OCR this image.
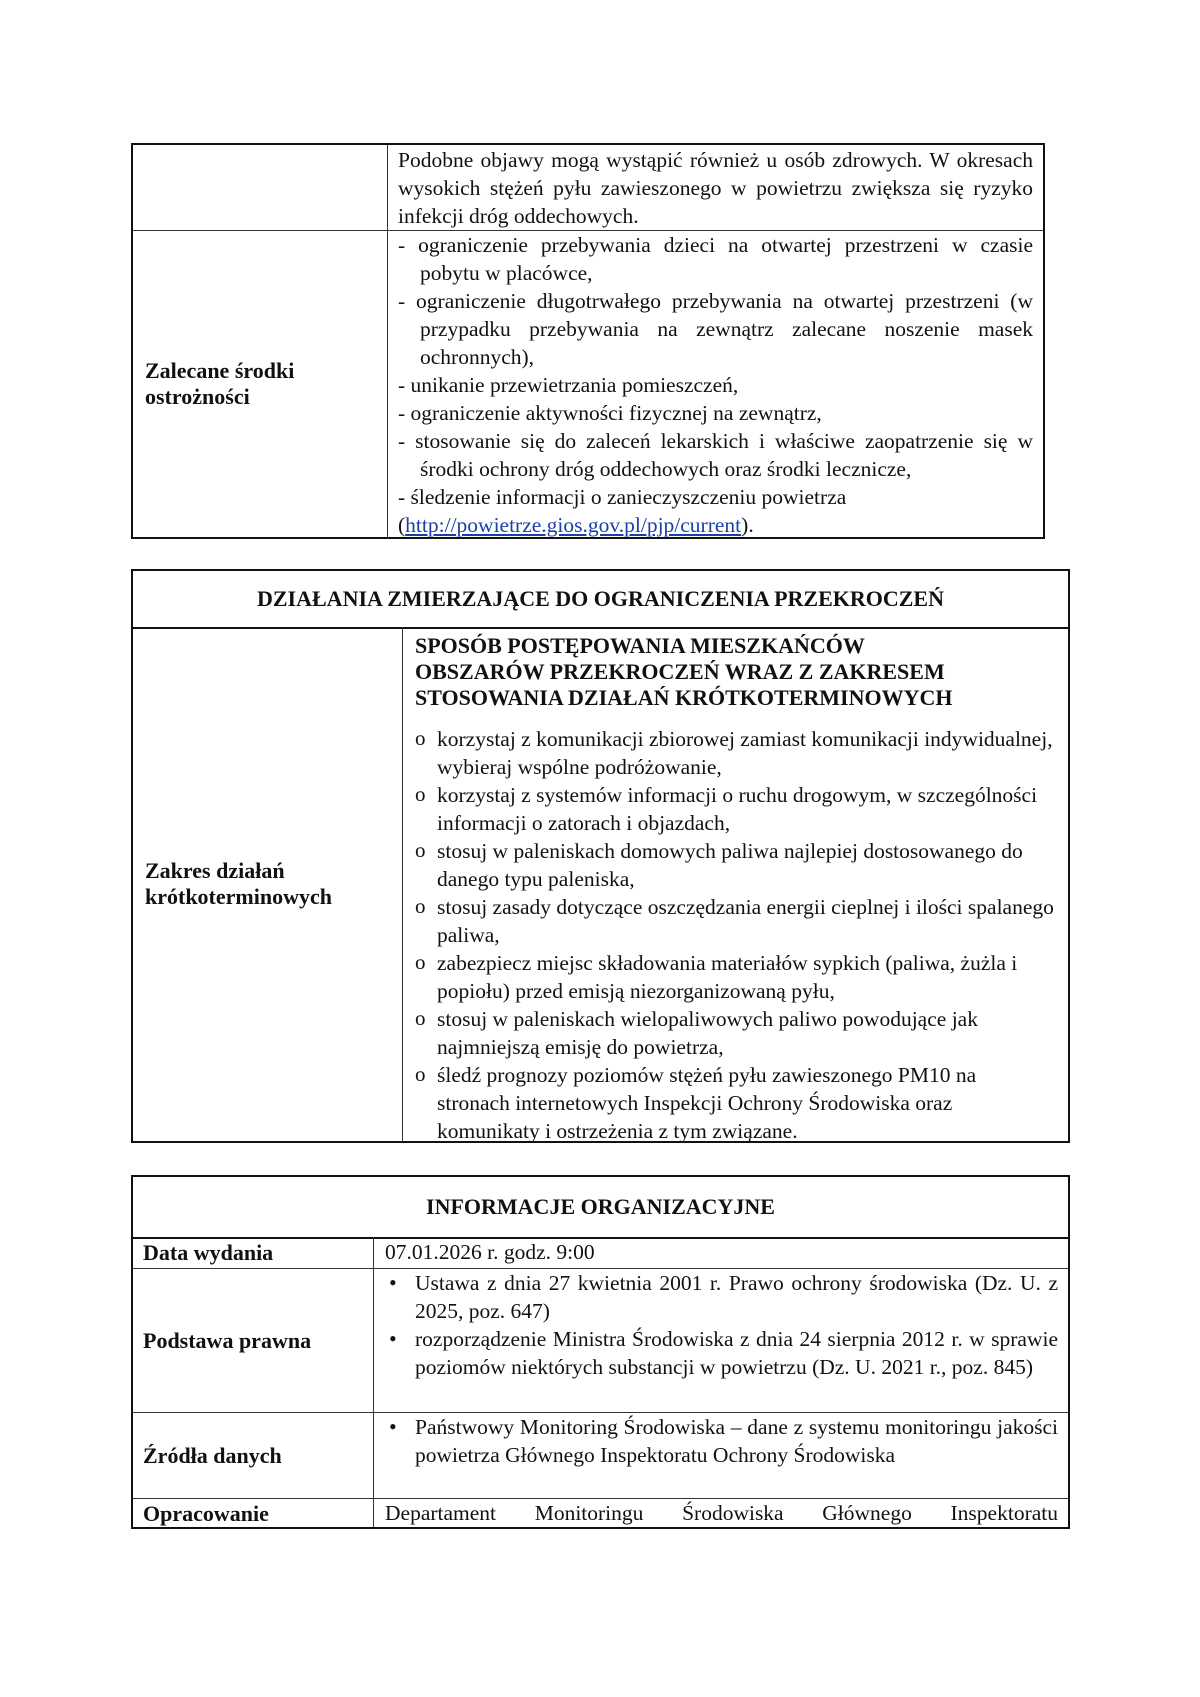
Podobne objawy mogą wystąpić również u osób zdrowych. W okresach wysokich stężeń pyłu zawieszonego w powietrzu zwiększa się ryzyko infekcji dróg oddechowych.
Zalecane środki
ostrożności
- ograniczenie przebywania dzieci na otwartej przestrzeni w czasie pobytu w placówce,
- ograniczenie długotrwałego przebywania na otwartej przestrzeni (w przypadku przebywania na zewnątrz zalecane noszenie masek ochronnych),
- unikanie przewietrzania pomieszczeń,
- ograniczenie aktywności fizycznej na zewnątrz,
- stosowanie się do zaleceń lekarskich i właściwe zaopatrzenie się w środki ochrony dróg oddechowych oraz środki lecznicze,
- śledzenie informacji o zanieczyszczeniu powietrza
(http://powietrze.gios.gov.pl/pjp/current).
DZIAŁANIA ZMIERZAJĄCE DO OGRANICZENIA PRZEKROCZEŃ
Zakres działań
krótkoterminowych
SPOSÓB POSTĘPOWANIA MIESZKAŃCÓW
OBSZARÓW PRZEKROCZEŃ WRAZ Z ZAKRESEM
STOSOWANIA DZIAŁAŃ KRÓTKOTERMINOWYCH
o korzystaj z komunikacji zbiorowej zamiast komunikacji indywidualnej, wybieraj wspólne podróżowanie,
o korzystaj z systemów informacji o ruchu drogowym, w szczególności informacji o zatorach i objazdach,
o stosuj w paleniskach domowych paliwa najlepiej dostosowanego do danego typu paleniska,
o stosuj zasady dotyczące oszczędzania energii cieplnej i ilości spalanego paliwa,
o zabezpiecz miejsc składowania materiałów sypkich (paliwa, żużla i popiołu) przed emisją niezorganizowaną pyłu,
o stosuj w paleniskach wielopaliwowych paliwo powodujące jak najmniejszą emisję do powietrza,
o śledź prognozy poziomów stężeń pyłu zawieszonego PM10 na stronach internetowych Inspekcji Ochrony Środowiska oraz komunikaty i ostrzeżenia z tym związane.
INFORMACJE ORGANIZACYJNE
Data wydania	07.01.2026 r. godz. 9:00
Podstawa prawna
• Ustawa z dnia 27 kwietnia 2001 r. Prawo ochrony środowiska (Dz. U. z 2025, poz. 647)
• rozporządzenie Ministra Środowiska z dnia 24 sierpnia 2012 r. w sprawie poziomów niektórych substancji w powietrzu (Dz. U. 2021 r., poz. 845)
Źródła danych
• Państwowy Monitoring Środowiska – dane z systemu monitoringu jakości powietrza Głównego Inspektoratu Ochrony Środowiska
Opracowanie	Departament Monitoringu Środowiska Głównego Inspektoratu
